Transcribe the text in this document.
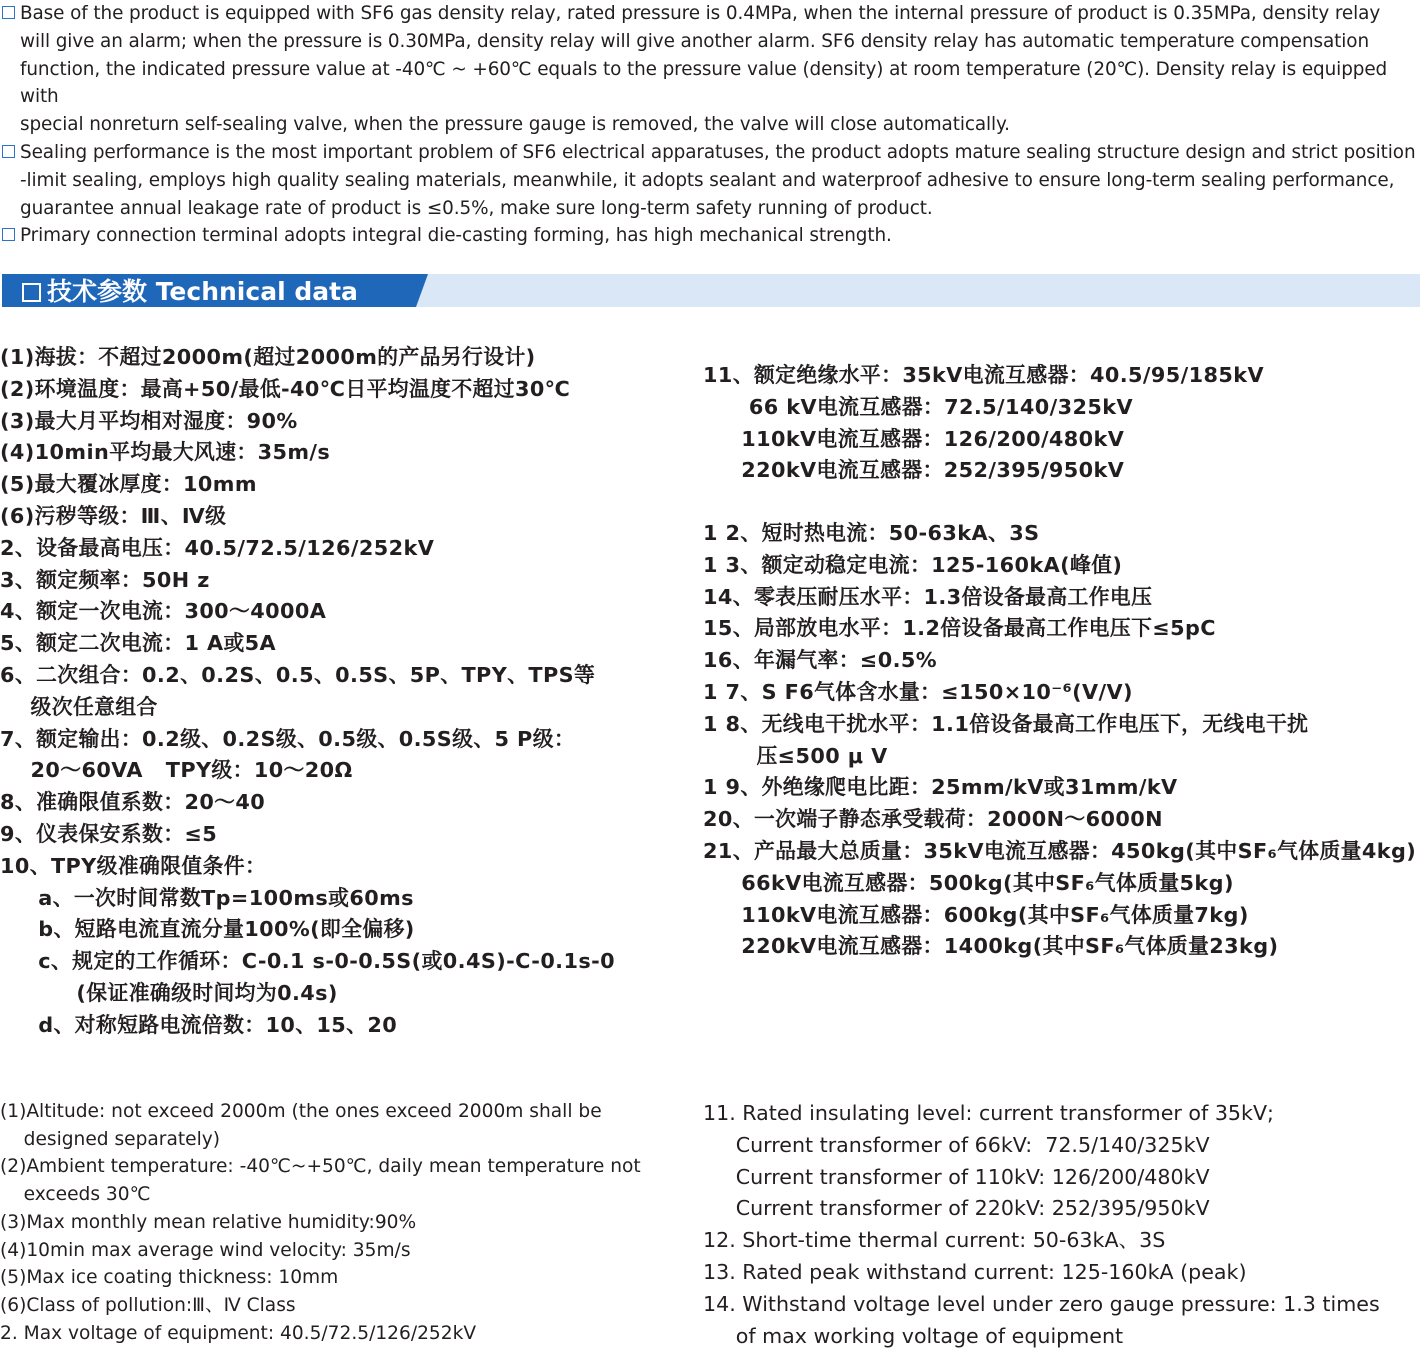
Base of the product is equipped with SF6 gas density relay, rated pressure is 0.4MPa, when the internal pressure of product is 0.35MPa, density relay
will give an alarm; when the pressure is 0.30MPa, density relay will give another alarm. SF6 density relay has automatic temperature compensation
function, the indicated pressure value at -40℃ ~ +60℃ equals to the pressure value (density) at room temperature (20℃). Density relay is equipped with
special nonreturn self-sealing valve, when the pressure gauge is removed, the valve will close automatically.
Sealing performance is the most important problem of SF6 electrical apparatuses, the product adopts mature sealing structure design and strict position
-limit sealing, employs high quality sealing materials, meanwhile, it adopts sealant and waterproof adhesive to ensure long-term sealing performance,
guarantee annual leakage rate of product is ≤0.5%, make sure long-term safety running of product.
Primary connection terminal adopts integral die-casting forming, has high mechanical strength.
技术参数 Technical data
(1)海拔：不超过2000m(超过2000m的产品另行设计)
(2)环境温度：最高+50/最低-40℃日平均温度不超过30℃
(3)最大月平均相对湿度：90%
(4)10min平均最大风速：35m/s
(5)最大覆冰厚度：10mm
(6)污秽等级：Ⅲ、Ⅳ级
2、设备最高电压：40.5/72.5/126/252kV
3、额定频率：50H z
4、额定一次电流：300～4000A
5、额定二次电流：1 A或5A
6、二次组合：0.2、0.2S、0.5、0.5S、5P、TPY、TPS等
级次任意组合
7、额定输出：0.2级、0.2S级、0.5级、0.5S级、5 P级：
20～60VA   TPY级：10～20Ω
8、准确限值系数：20～40
9、仪表保安系数：≤5
10、TPY级准确限值条件：
a、一次时间常数Tp=100ms或60ms
b、短路电流直流分量100%(即全偏移)
c、规定的工作循环：C-0.1 s-0-0.5S(或0.4S)-C-0.1s-0
(保证准确级时间均为0.4s)
d、对称短路电流倍数：10、15、20
11、额定绝缘水平：35kV电流互感器：40.5/95/185kV
66 kV电流互感器：72.5/140/325kV
110kV电流互感器：126/200/480kV
220kV电流互感器：252/395/950kV
1 2、短时热电流：50-63kA、3S
1 3、额定动稳定电流：125-160kA(峰值)
14、零表压耐压水平：1.3倍设备最高工作电压
15、局部放电水平：1.2倍设备最高工作电压下≤5pC
16、年漏气率：≤0.5%
1 7、S F6气体含水量：≤150×10⁻⁶(V/V)
1 8、无线电干扰水平：1.1倍设备最高工作电压下，无线电干扰
压≤500 μ V
1 9、外绝缘爬电比距：25mm/kV或31mm/kV
20、一次端子静态承受载荷：2000N～6000N
21、产品最大总质量：35kV电流互感器：450kg(其中SF₆气体质量4kg)
66kV电流互感器：500kg(其中SF₆气体质量5kg)
110kV电流互感器：600kg(其中SF₆气体质量7kg)
220kV电流互感器：1400kg(其中SF₆气体质量23kg)
(1)Altitude: not exceed 2000m (the ones exceed 2000m shall be
designed separately)
(2)Ambient temperature: -40℃~+50℃, daily mean temperature not
exceeds 30℃
(3)Max monthly mean relative humidity:90%
(4)10min max average wind velocity: 35m/s
(5)Max ice coating thickness: 10mm
(6)Class of pollution:Ⅲ、Ⅳ Class
2. Max voltage of equipment: 40.5/72.5/126/252kV
11. Rated insulating level: current transformer of 35kV;
Current transformer of 66kV:  72.5/140/325kV
Current transformer of 110kV: 126/200/480kV
Current transformer of 220kV: 252/395/950kV
12. Short-time thermal current: 50-63kA、3S
13. Rated peak withstand current: 125-160kA (peak)
14. Withstand voltage level under zero gauge pressure: 1.3 times
of max working voltage of equipment
